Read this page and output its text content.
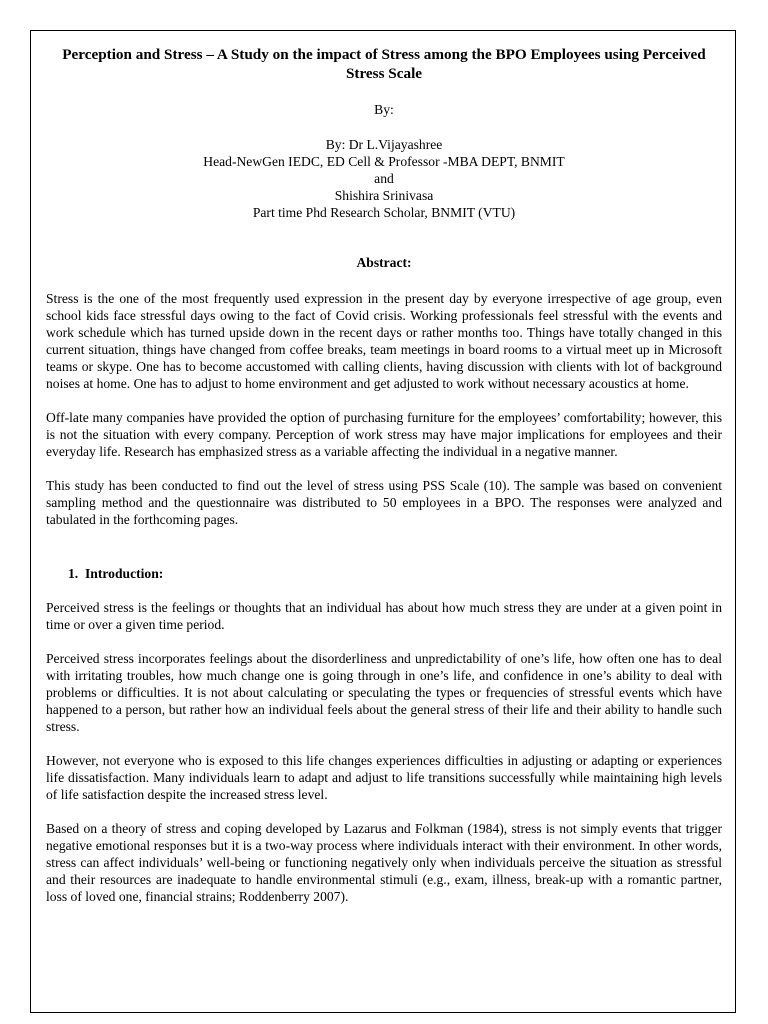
Perception and Stress – A Study on the impact of Stress among the BPO Employees using Perceived Stress Scale
By:
By: Dr L.Vijayashree
Head-NewGen IEDC, ED Cell & Professor -MBA DEPT, BNMIT
and
Shishira Srinivasa
Part time Phd Research Scholar, BNMIT (VTU)
Abstract:

Stress is the one of the most frequently used expression in the present day by everyone irrespective of age group, even school kids face stressful days owing to the fact of Covid crisis. Working professionals feel stressful with the events and work schedule which has turned upside down in the recent days or rather months too. Things have totally changed in this current situation, things have changed from coffee breaks, team meetings in board rooms to a virtual meet up in Microsoft teams or skype. One has to become accustomed with calling clients, having discussion with clients with lot of background noises at home. One has to adjust to home environment and get adjusted to work without necessary acoustics at home.

Off-late many companies have provided the option of purchasing furniture for the employees’ comfortability; however, this is not the situation with every company. Perception of work stress may have major implications for employees and their everyday life. Research has emphasized stress as a variable affecting the individual in a negative manner.

This study has been conducted to find out the level of stress using PSS Scale (10). The sample was based on convenient sampling method and the questionnaire was distributed to 50 employees in a BPO. The responses were analyzed and tabulated in the forthcoming pages.

1. Introduction:

Perceived stress is the feelings or thoughts that an individual has about how much stress they are under at a given point in time or over a given time period.

Perceived stress incorporates feelings about the disorderliness and unpredictability of one’s life, how often one has to deal with irritating troubles, how much change one is going through in one’s life, and confidence in one’s ability to deal with problems or difficulties. It is not about calculating or speculating the types or frequencies of stressful events which have happened to a person, but rather how an individual feels about the general stress of their life and their ability to handle such stress.

However, not everyone who is exposed to this life changes experiences difficulties in adjusting or adapting or experiences life dissatisfaction. Many individuals learn to adapt and adjust to life transitions successfully while maintaining high levels of life satisfaction despite the increased stress level.

Based on a theory of stress and coping developed by Lazarus and Folkman (1984), stress is not simply events that trigger negative emotional responses but it is a two-way process where individuals interact with their environment. In other words, stress can affect individuals’ well-being or functioning negatively only when individuals perceive the situation as stressful and their resources are inadequate to handle environmental stimuli (e.g., exam, illness, break-up with a romantic partner, loss of loved one, financial strains; Roddenberry 2007).
